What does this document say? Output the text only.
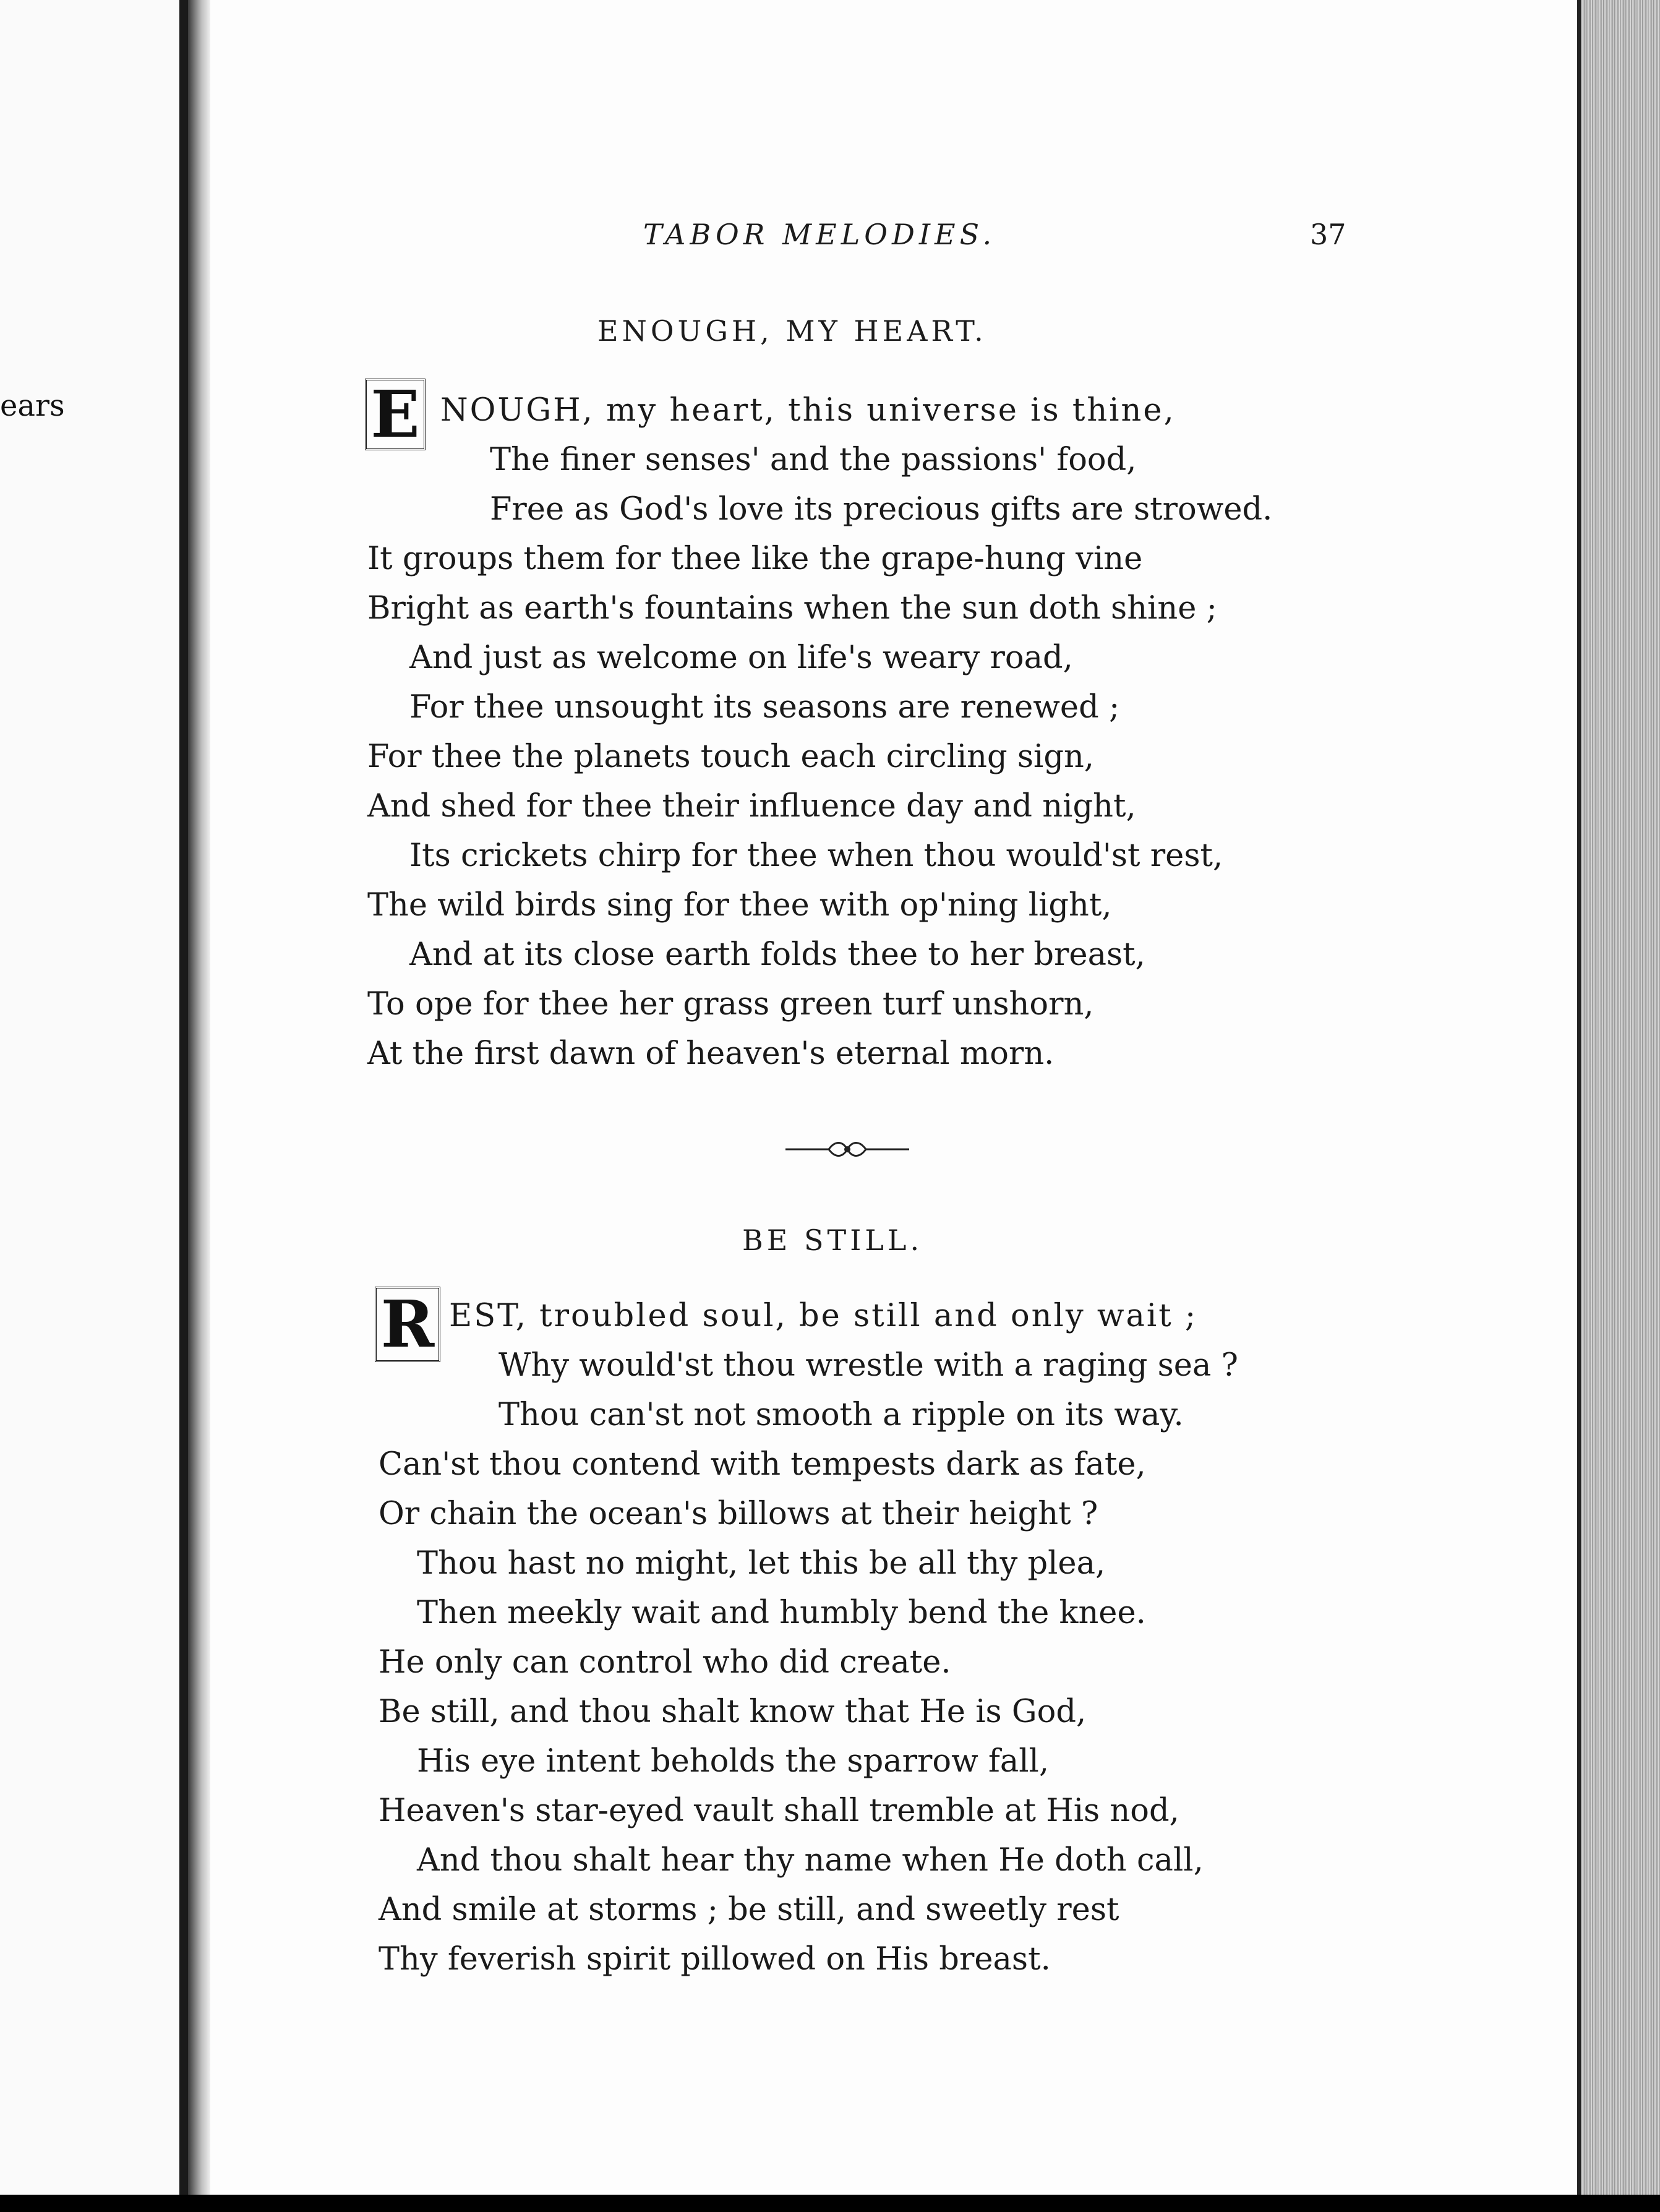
ears
TABOR MELODIES.	37
ENOUGH, MY HEART.
E NOUGH, my heart, this universe is thine,
The finer senses' and the passions' food,
Free as God's love its precious gifts are strowed.
It groups them for thee like the grape-hung vine
Bright as earth's fountains when the sun doth shine ;
And just as welcome on life's weary road,
For thee unsought its seasons are renewed ;
For thee the planets touch each circling sign,
And shed for thee their influence day and night,
Its crickets chirp for thee when thou would'st rest,
The wild birds sing for thee with op'ning light,
And at its close earth folds thee to her breast,
To ope for thee her grass green turf unshorn,
At the first dawn of heaven's eternal morn.
BE STILL.
R EST, troubled soul, be still and only wait ;
Why would'st thou wrestle with a raging sea ?
Thou can'st not smooth a ripple on its way.
Can'st thou contend with tempests dark as fate,
Or chain the ocean's billows at their height ?
Thou hast no might, let this be all thy plea,
Then meekly wait and humbly bend the knee.
He only can control who did create.
Be still, and thou shalt know that He is God,
His eye intent beholds the sparrow fall,
Heaven's star-eyed vault shall tremble at His nod,
And thou shalt hear thy name when He doth call,
And smile at storms ; be still, and sweetly rest
Thy feverish spirit pillowed on His breast.
